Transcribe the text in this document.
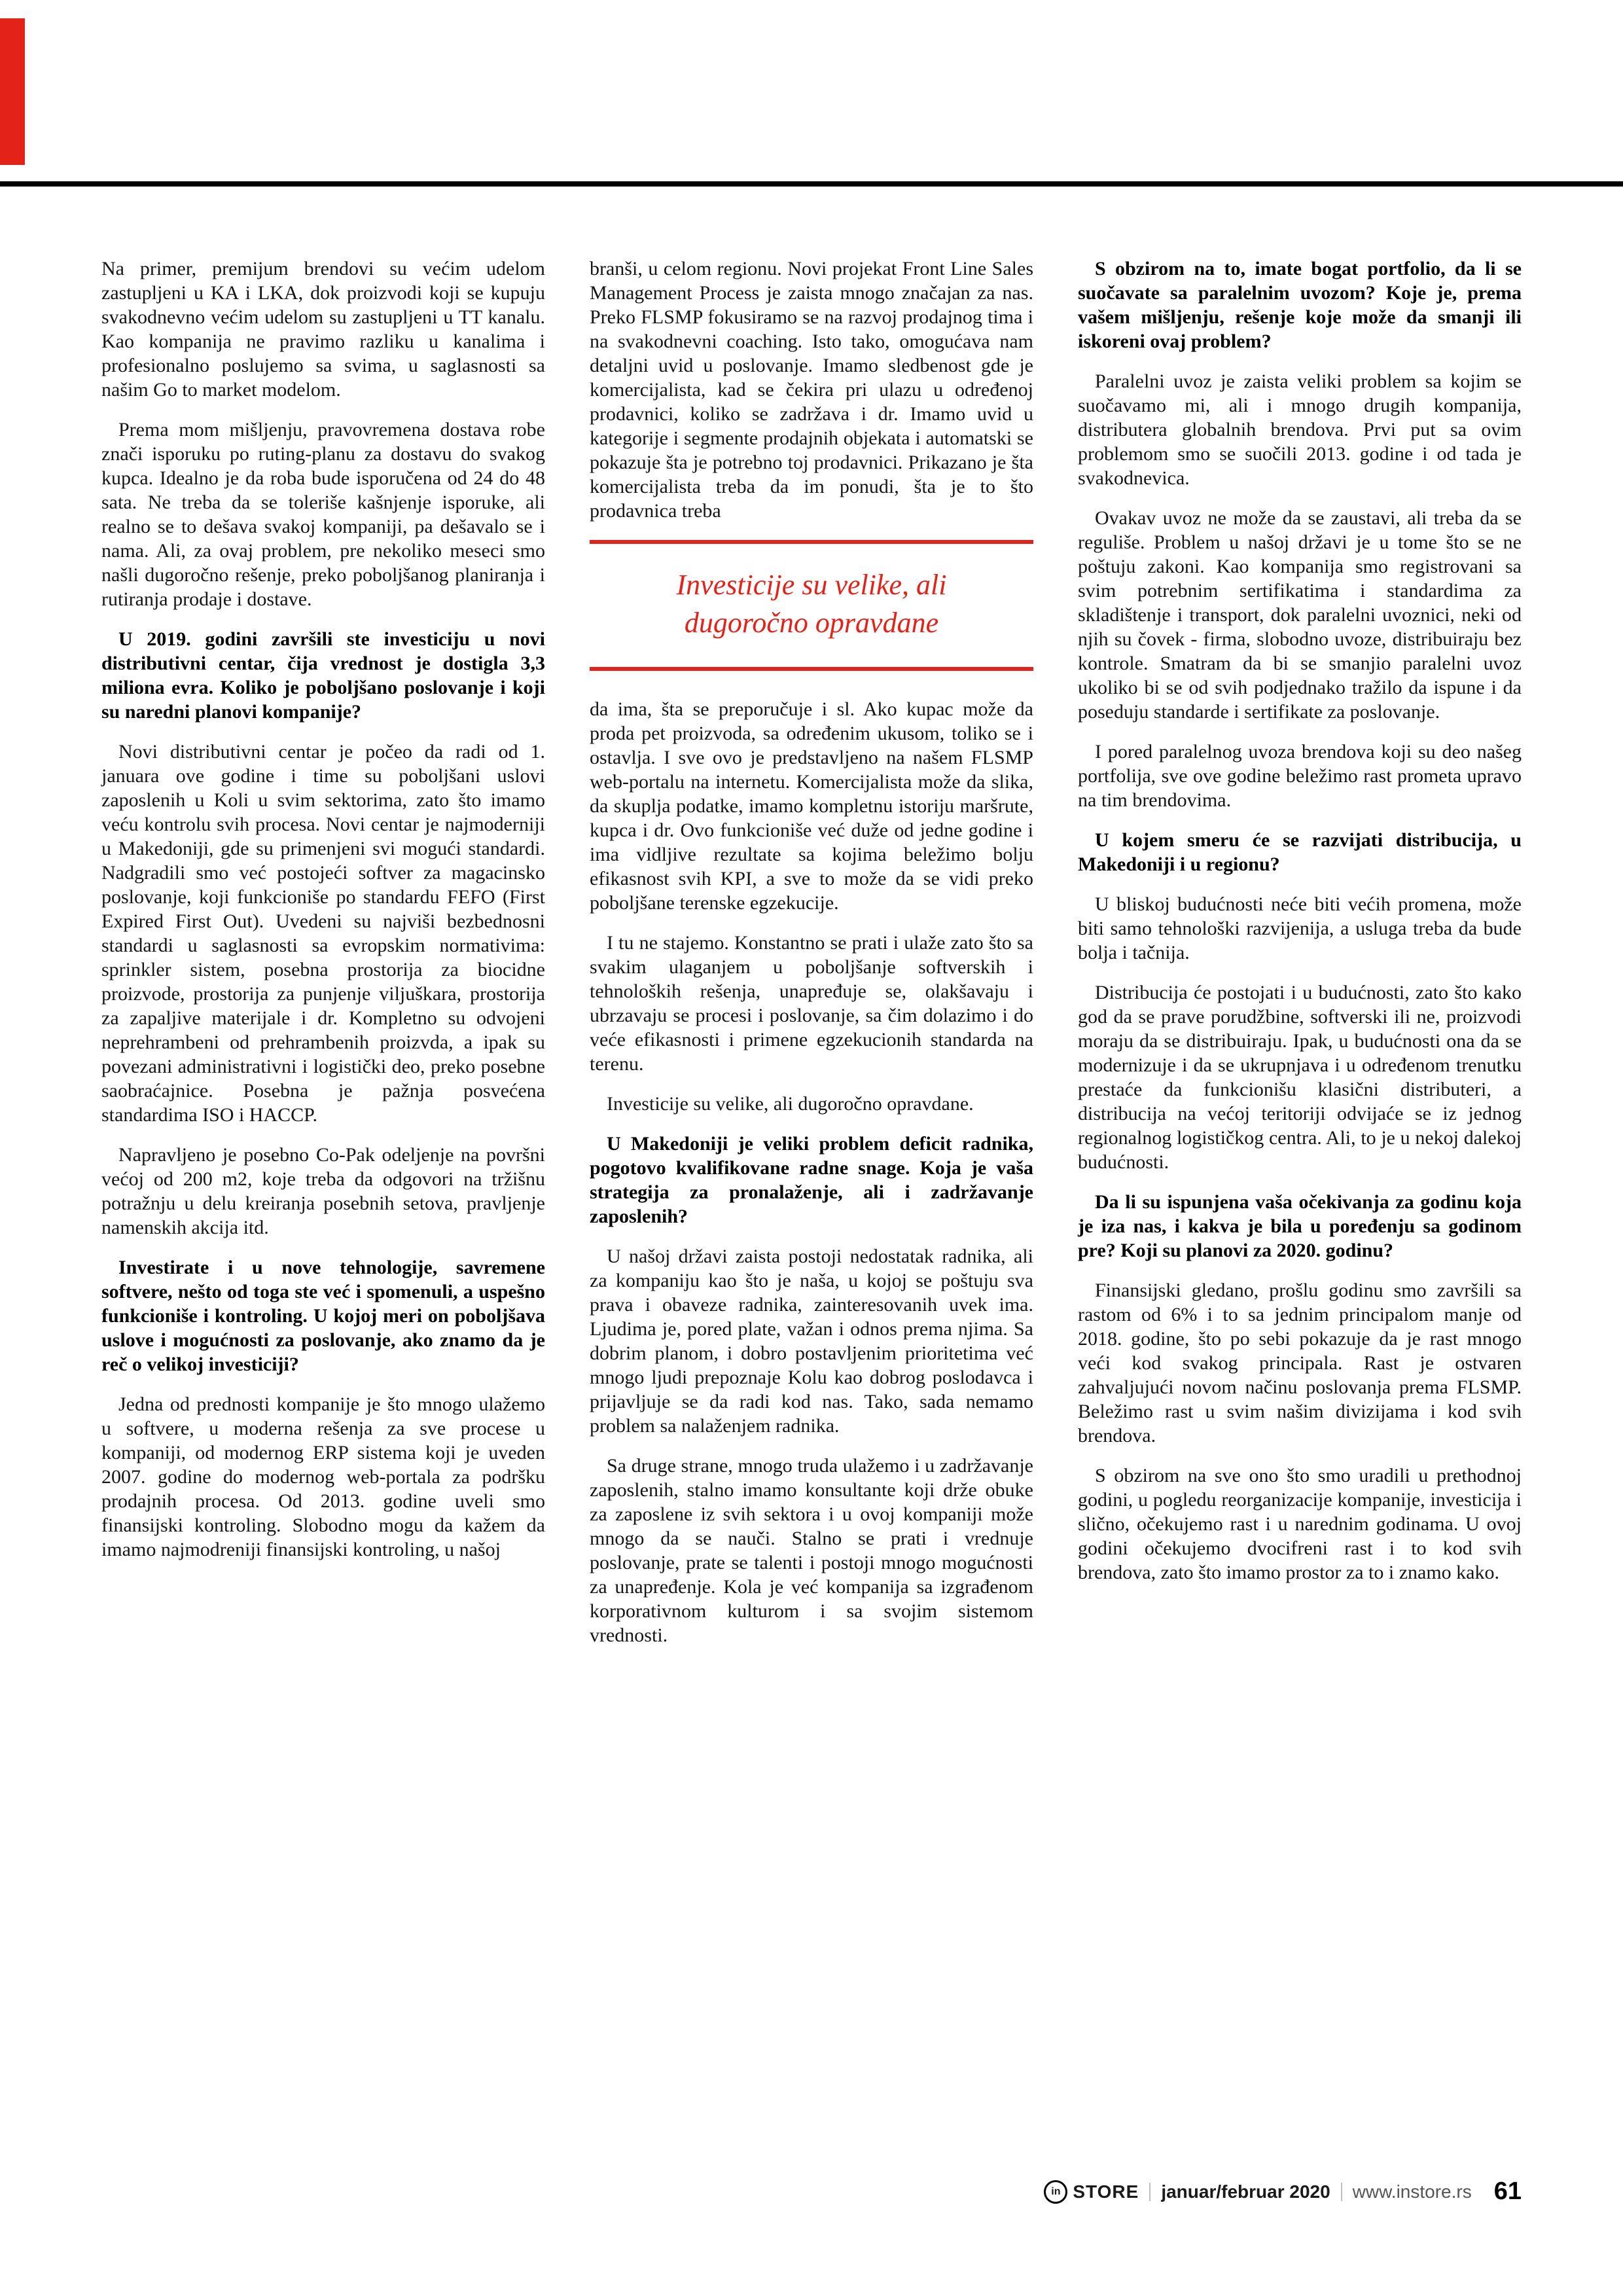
Na primer, premijum brendovi su većim udelom zastupljeni u KA i LKA, dok proizvodi koji se kupuju svakodnevno većim udelom su zastupljeni u TT kanalu. Kao kompanija ne pravimo razliku u kanalima i profesionalno poslujemo sa svima, u saglasnosti sa našim Go to market modelom.

Prema mom mišljenju, pravovremena dostava robe znači isporuku po ruting-planu za dostavu do svakog kupca. Idealno je da roba bude isporučena od 24 do 48 sata. Ne treba da se toleriše kašnjenje isporuke, ali realno se to dešava svakoj kompaniji, pa dešavalo se i nama. Ali, za ovaj problem, pre nekoliko meseci smo našli dugoročno rešenje, preko poboljšanog planiranja i rutiranja prodaje i dostave.

U 2019. godini završili ste investiciju u novi distributivni centar, čija vrednost je dostigla 3,3 miliona evra. Koliko je poboljšano poslovanje i koji su naredni planovi kompanije?

Novi distributivni centar je počeo da radi od 1. januara ove godine i time su poboljšani uslovi zaposlenih u Koli u svim sektorima, zato što imamo veću kontrolu svih procesa. Novi centar je najmoderniji u Makedoniji, gde su primenjeni svi mogući standardi. Nadgradili smo već postojeći softver za magacinsko poslovanje, koji funkcioniše po standardu FEFO (First Expired First Out). Uvedeni su najviši bezbednosni standardi u saglasnosti sa evropskim normativima: sprinkler sistem, posebna prostorija za biocidne proizvode, prostorija za punjenje viljuškara, prostorija za zapaljive materijale i dr. Kompletno su odvojeni neprehrambeni od prehrambenih proizvda, a ipak su povezani administrativni i logistički deo, preko posebne saobraćajnice. Posebna je pažnja posvećena standardima ISO i HACCP.

Napravljeno je posebno Co-Pak odeljenje na površni većoj od 200 m2, koje treba da odgovori na tržišnu potražnju u delu kreiranja posebnih setova, pravljenje namenskih akcija itd.

Investirate i u nove tehnologije, savremene softvere, nešto od toga ste već i spomenuli, a uspešno funkcioniše i kontroling. U kojoj meri on poboljšava uslove i mogućnosti za poslovanje, ako znamo da je reč o velikoj investiciji?

Jedna od prednosti kompanije je što mnogo ulažemo u softvere, u moderna rešenja za sve procese u kompaniji, od modernog ERP sistema koji je uveden 2007. godine do modernog web-portala za podršku prodajnih procesa. Od 2013. godine uveli smo finansijski kontroling. Slobodno mogu da kažem da imamo najmodreniji finansijski kontroling, u našoj

branši, u celom regionu. Novi projekat Front Line Sales Management Process je zaista mnogo značajan za nas. Preko FLSMP fokusiramo se na razvoj prodajnog tima i na svakodnevni coaching. Isto tako, omogućava nam detaljni uvid u poslovanje. Imamo sledbenost gde je komercijalista, kad se čekira pri ulazu u određenoj prodavnici, koliko se zadržava i dr. Imamo uvid u kategorije i segmente prodajnih objekata i automatski se pokazuje šta je potrebno toj prodavnici. Prikazano je šta komercijalista treba da im ponudi, šta je to što prodavnica treba

Investicije su velike, ali
dugoročno opravdane

da ima, šta se preporučuje i sl. Ako kupac može da proda pet proizvoda, sa određenim ukusom, toliko se i ostavlja. I sve ovo je predstavljeno na našem FLSMP web-portalu na internetu. Komercijalista može da slika, da skuplja podatke, imamo kompletnu istoriju maršrute, kupca i dr. Ovo funkcioniše već duže od jedne godine i ima vidljive rezultate sa kojima beležimo bolju efikasnost svih KPI, a sve to može da se vidi preko poboljšane terenske egzekucije.

I tu ne stajemo. Konstantno se prati i ulaže zato što sa svakim ulaganjem u poboljšanje softverskih i tehnoloških rešenja, unapređuje se, olakšavaju i ubrzavaju se procesi i poslovanje, sa čim dolazimo i do veće efikasnosti i primene egzekucionih standarda na terenu.

Investicije su velike, ali dugoročno opravdane.

U Makedoniji je veliki problem deficit radnika, pogotovo kvalifikovane radne snage. Koja je vaša strategija za pronalaženje, ali i zadržavanje zaposlenih?

U našoj državi zaista postoji nedostatak radnika, ali za kompaniju kao što je naša, u kojoj se poštuju sva prava i obaveze radnika, zainteresovanih uvek ima. Ljudima je, pored plate, važan i odnos prema njima. Sa dobrim planom, i dobro postavljenim prioritetima već mnogo ljudi prepoznaje Kolu kao dobrog poslodavca i prijavljuje se da radi kod nas. Tako, sada nemamo problem sa nalaženjem radnika.

Sa druge strane, mnogo truda ulažemo i u zadržavanje zaposlenih, stalno imamo konsultante koji drže obuke za zaposlene iz svih sektora i u ovoj kompaniji može mnogo da se nauči. Stalno se prati i vrednuje poslovanje, prate se talenti i postoji mnogo mogućnosti za unapređenje. Kola je već kompanija sa izgrađenom korporativnom kulturom i sa svojim sistemom vrednosti.

S obzirom na to, imate bogat portfolio, da li se suočavate sa paralelnim uvozom? Koje je, prema vašem mišljenju, rešenje koje može da smanji ili iskoreni ovaj problem?

Paralelni uvoz je zaista veliki problem sa kojim se suočavamo mi, ali i mnogo drugih kompanija, distributera globalnih brendova. Prvi put sa ovim problemom smo se suočili 2013. godine i od tada je svakodnevica.

Ovakav uvoz ne može da se zaustavi, ali treba da se reguliše. Problem u našoj državi je u tome što se ne poštuju zakoni. Kao kompanija smo registrovani sa svim potrebnim sertifikatima i standardima za skladištenje i transport, dok paralelni uvoznici, neki od njih su čovek - firma, slobodno uvoze, distribuiraju bez kontrole. Smatram da bi se smanjio paralelni uvoz ukoliko bi se od svih podjednako tražilo da ispune i da poseduju standarde i sertifikate za poslovanje.

I pored paralelnog uvoza brendova koji su deo našeg portfolija, sve ove godine beležimo rast prometa upravo na tim brendovima.

U kojem smeru će se razvijati distribucija, u Makedoniji i u regionu?

U bliskoj budućnosti neće biti većih promena, može biti samo tehnološki razvijenija, a usluga treba da bude bolja i tačnija.

Distribucija će postojati i u budućnosti, zato što kako god da se prave porudžbine, softverski ili ne, proizvodi moraju da se distribuiraju. Ipak, u budućnosti ona da se modernizuje i da se ukrupnjava i u određenom trenutku prestaće da funkcionišu klasični distributeri, a distribucija na većoj teritoriji odvijaće se iz jednog regionalnog logističkog centra. Ali, to je u nekoj dalekoj budućnosti.

Da li su ispunjena vaša očekivanja za godinu koja je iza nas, i kakva je bila u poređenju sa godinom pre? Koji su planovi za 2020. godinu?

Finansijski gledano, prošlu godinu smo završili sa rastom od 6% i to sa jednim principalom manje od 2018. godine, što po sebi pokazuje da je rast mnogo veći kod svakog principala. Rast je ostvaren zahvaljujući novom načinu poslovanja prema FLSMP. Beležimo rast u svim našim divizijama i kod svih brendova.

S obzirom na sve ono što smo uradili u prethodnoj godini, u pogledu reorganizacije kompanije, investicija i slično, očekujemo rast i u narednim godinama. U ovoj godini očekujemo dvocifreni rast i to kod svih brendova, zato što imamo prostor za to i znamo kako.

in STORE januar/februar 2020 www.instore.rs 61
